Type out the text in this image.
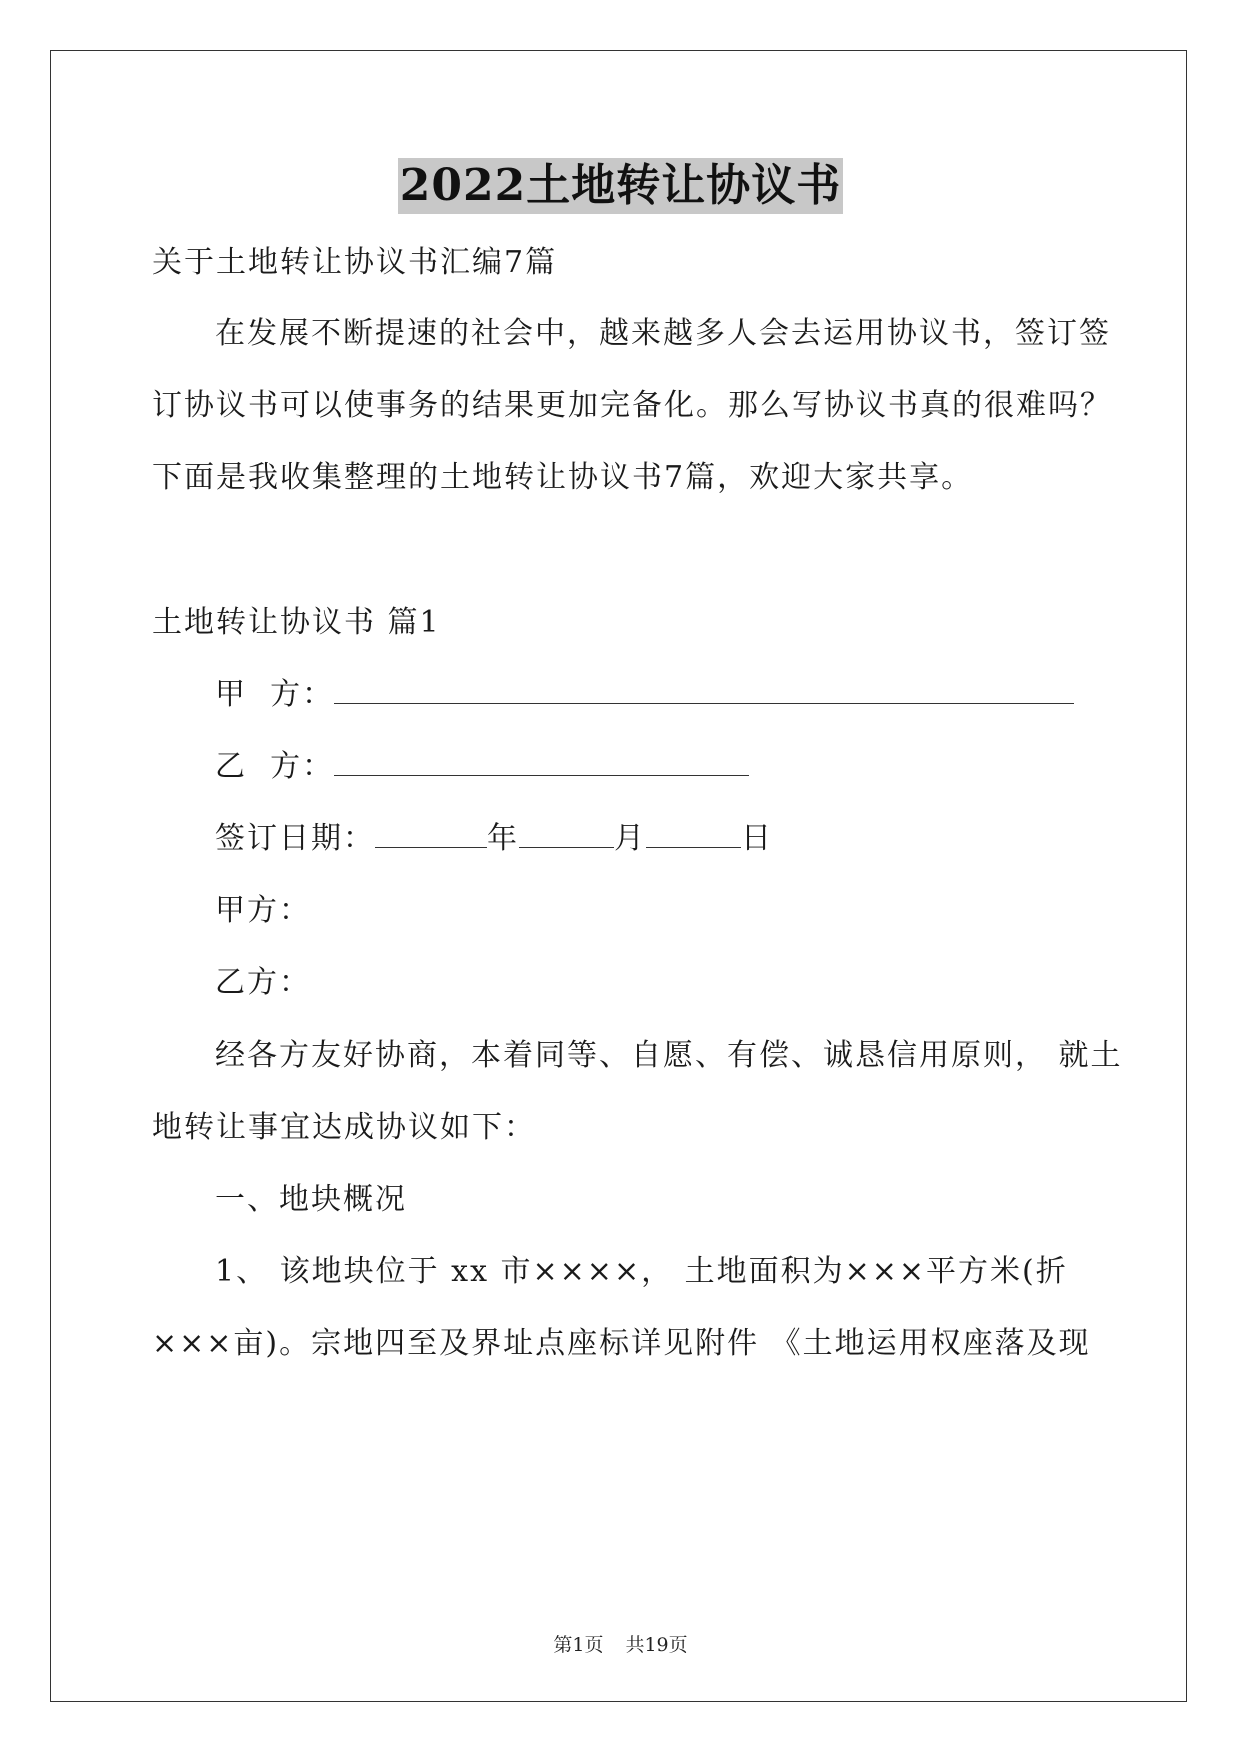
2022土地转让协议书
关于土地转让协议书汇编7篇
在发展不断提速的社会中，越来越多人会去运用协议书，签订签
订协议书可以使事务的结果更加完备化。那么写协议书真的很难吗？
下面是我收集整理的土地转让协议书7篇，欢迎大家共享。
土地转让协议书 篇1
甲  方：
乙  方：
签订日期：	年	月	日
甲方：
乙方：
经各方友好协商，本着同等、自愿、有偿、诚恳信用原则， 就土
地转让事宜达成协议如下：
一、地块概况
1、 该地块位于 xx 市××××， 土地面积为×××平方米(折
×××亩)。宗地四至及界址点座标详见附件 《土地运用权座落及现
第1页 共19页
